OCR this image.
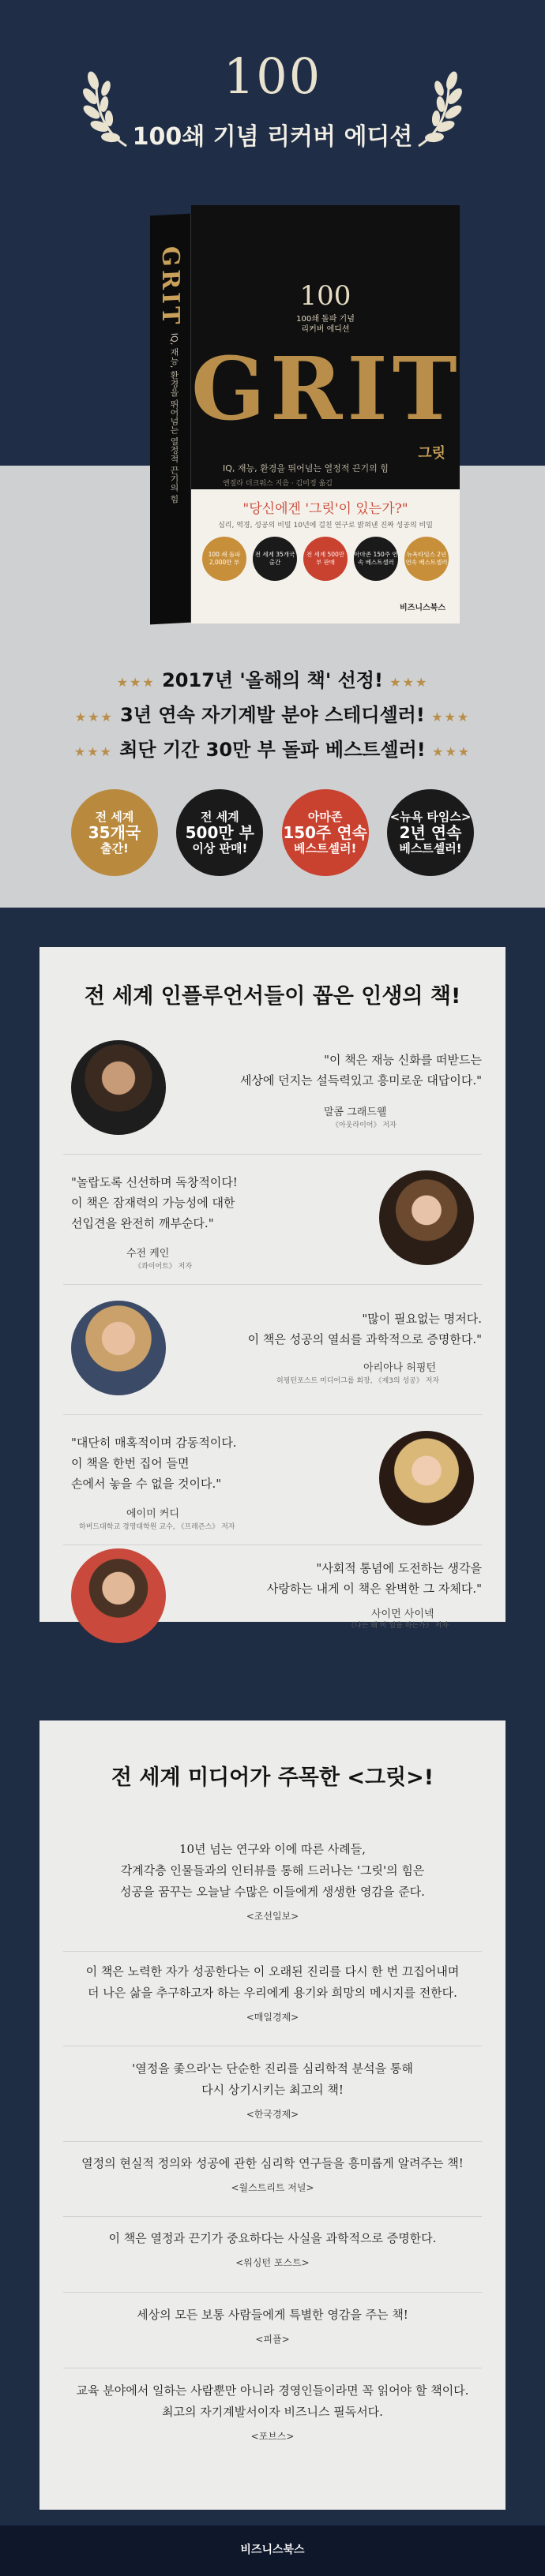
100
100쇄 기념 리커버 에디션
GRIT
IQ, 재능, 환경을 뛰어넘는 열정적 끈기의 힘
100
100쇄 돌파 기념
리커버 에디션
GRIT
그릿
IQ, 재능, 환경을 뛰어넘는 열정적 끈기의 힘
앤절라 더크워스 지음 · 김미정 옮김
"당신에겐 '그릿'이 있는가?"
심리, 역경, 성공의 비밀 10년에 걸친 연구로 밝혀낸 진짜 성공의 비밀
100 쇄 돌파 2,000만 부
전 세계 35개국 출간
전 세계 500만 부 판매
아마존 150주 연속 베스트셀러
뉴욕타임스 2년 연속 베스트셀러
비즈니스북스
★★★ 2017년 '올해의 책' 선정! ★★★
★★★ 3년 연속 자기계발 분야 스테디셀러! ★★★
★★★ 최단 기간 30만 부 돌파 베스트셀러! ★★★
전 세계
35개국
출간!
전 세계
500만 부
이상 판매!
아마존
150주 연속
베스트셀러!
<뉴욕 타임스>
2년 연속
베스트셀러!
전 세계 인플루언서들이 꼽은 인생의 책!
"이 책은 재능 신화를 떠받드는
세상에 던지는 설득력있고 흥미로운 대답이다."
말콤 그래드웰
《아웃라이어》 저자
"놀랍도록 신선하며 독창적이다!
이 책은 잠재력의 가능성에 대한
선입견을 완전히 깨부순다."
수전 케인
《콰이어트》 저자
"많이 필요없는 명저다.
이 책은 성공의 열쇠를 과학적으로 증명한다."
아리아나 허핑턴
허핑턴포스트 미디어그룹 회장, 《제3의 성공》 저자
"대단히 매혹적이며 감동적이다.
이 책을 한번 집어 들면
손에서 놓을 수 없을 것이다."
에이미 커디
하버드대학교 경영대학원 교수, 《프레즌스》 저자
"사회적 통념에 도전하는 생각을
사랑하는 내게 이 책은 완벽한 그 자체다."
사이먼 사이넥
《나는 왜 이 일을 하는가》 저자
전 세계 미디어가 주목한 <그릿>!
10년 넘는 연구와 이에 따른 사례들,
각계각층 인물들과의 인터뷰를 통해 드러나는 '그릿'의 힘은
성공을 꿈꾸는 오늘날 수많은 이들에게 생생한 영감을 준다.
<조선일보>
이 책은 노력한 자가 성공한다는 이 오래된 진리를 다시 한 번 끄집어내며
더 나은 삶을 추구하고자 하는 우리에게 용기와 희망의 메시지를 전한다.
<매일경제>
'열정을 좇으라'는 단순한 진리를 심리학적 분석을 통해
다시 상기시키는 최고의 책!
<한국경제>
열정의 현실적 정의와 성공에 관한 심리학 연구들을 흥미롭게 알려주는 책!
<월스트리트 저널>
이 책은 열정과 끈기가 중요하다는 사실을 과학적으로 증명한다.
<워싱턴 포스트>
세상의 모든 보통 사람들에게 특별한 영감을 주는 책!
<피플>
교육 분야에서 일하는 사람뿐만 아니라 경영인들이라면 꼭 읽어야 할 책이다.
최고의 자기계발서이자 비즈니스 필독서다.
<포브스>
비즈니스북스
